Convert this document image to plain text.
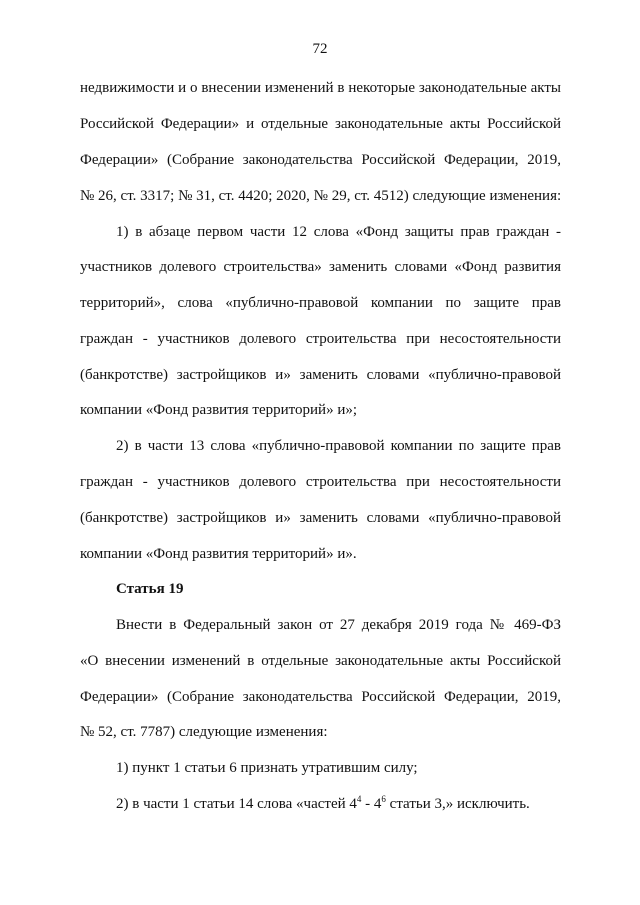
72
недвижимости и о внесении изменений в некоторые законодательные акты
Российской Федерации» и отдельные законодательные акты Российской
Федерации» (Собрание законодательства Российской Федерации, 2019,
№ 26, ст. 3317; № 31, ст. 4420; 2020, № 29, ст. 4512) следующие изменения:
1) в абзаце первом части 12 слова «Фонд защиты прав граждан -
участников долевого строительства» заменить словами «Фонд развития
территорий», слова «публично-правовой компании по защите прав
граждан - участников долевого строительства при несостоятельности
(банкротстве) застройщиков и» заменить словами «публично-правовой
компании «Фонд развития территорий» и»;
2) в части 13 слова «публично-правовой компании по защите прав
граждан - участников долевого строительства при несостоятельности
(банкротстве) застройщиков и» заменить словами «публично-правовой
компании «Фонд развития территорий» и».
Статья 19
Внести в Федеральный закон от 27 декабря 2019 года № 469-ФЗ
«О внесении изменений в отдельные законодательные акты Российской
Федерации» (Собрание законодательства Российской Федерации, 2019,
№ 52, ст. 7787) следующие изменения:
1) пункт 1 статьи 6 признать утратившим силу;
2) в части 1 статьи 14 слова «частей $4^4 - 4^6$ статьи 3,» исключить.
